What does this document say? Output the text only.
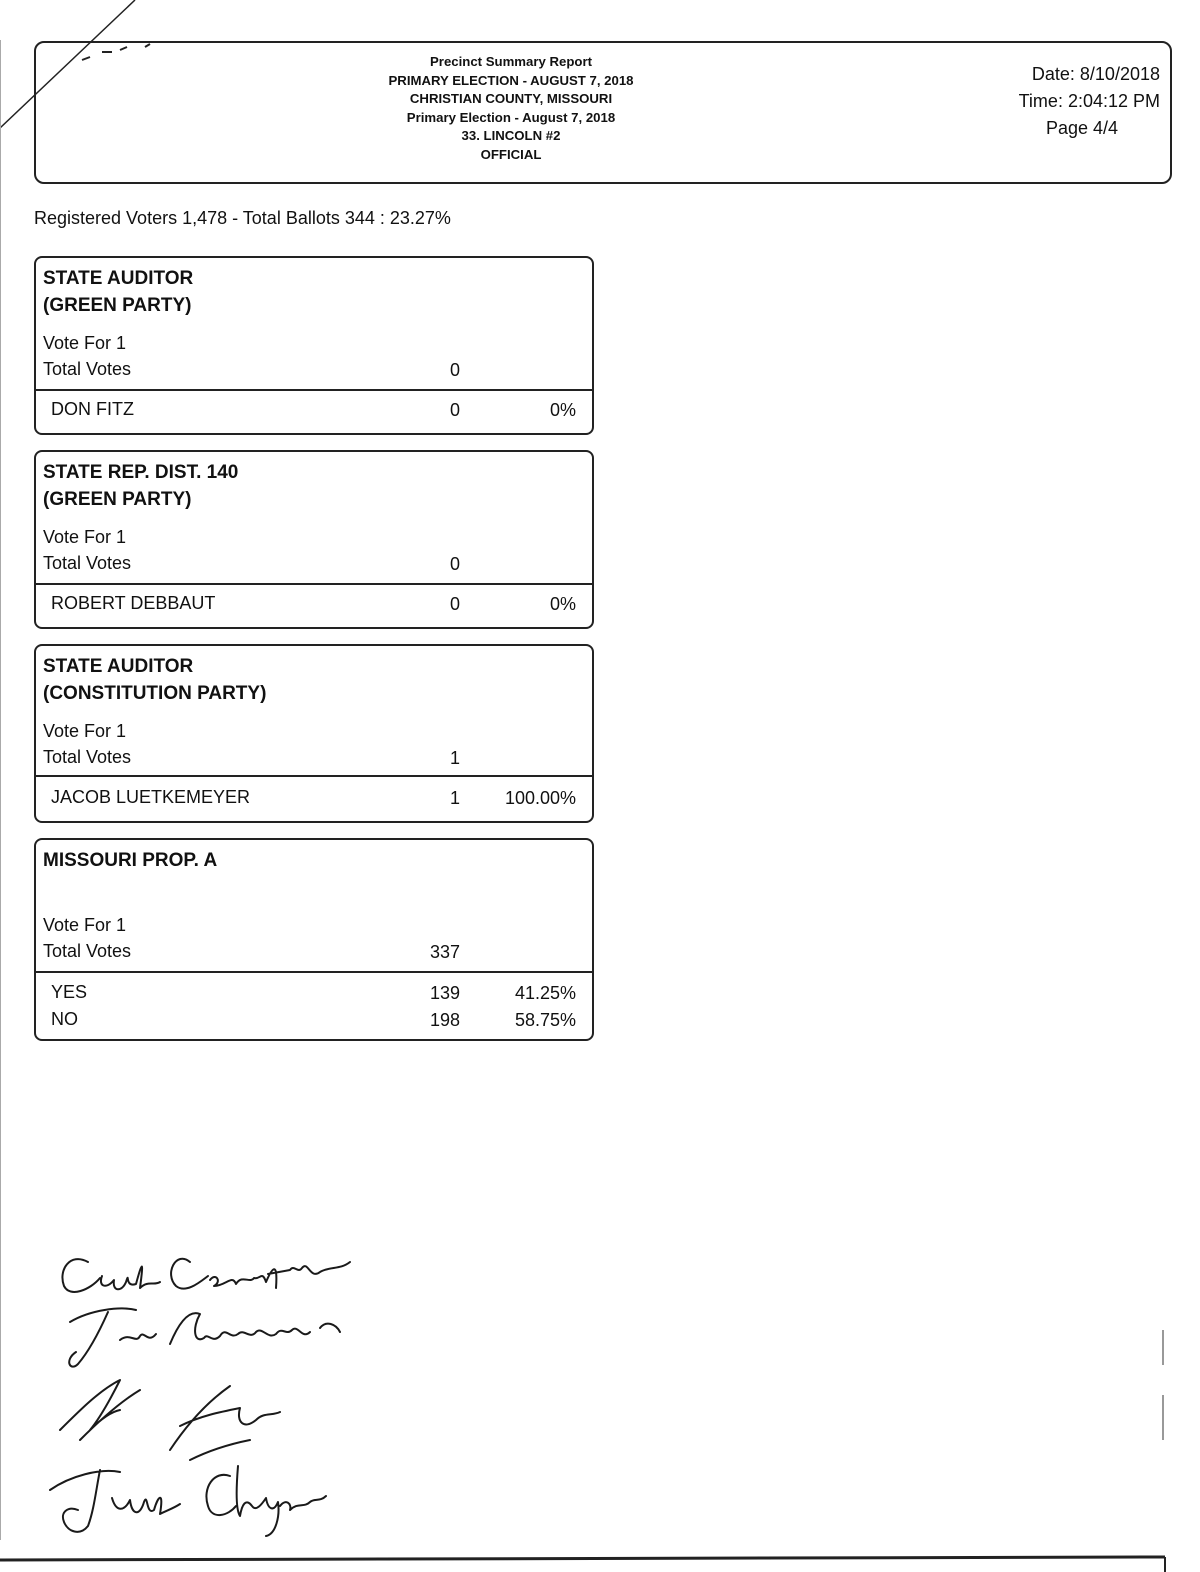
Precinct Summary Report
PRIMARY ELECTION - AUGUST 7, 2018
CHRISTIAN COUNTY, MISSOURI
Primary Election - August 7, 2018
33. LINCOLN #2
OFFICIAL
Date: 8/10/2018
Time: 2:04:12 PM
Page 4/4
Registered Voters 1,478 - Total Ballots 344 : 23.27%
STATE AUDITOR
(GREEN PARTY)
Vote For 1
Total Votes	0
DON FITZ	0	0%
STATE REP. DIST. 140
(GREEN PARTY)
Vote For 1
Total Votes	0
ROBERT DEBBAUT	0	0%
STATE AUDITOR
(CONSTITUTION PARTY)
Vote For 1
Total Votes	1
JACOB LUETKEMEYER	1 100.00%
MISSOURI PROP. A
Vote For 1
Total Votes	337
YES	139	41.25%
NO	198	58.75%
